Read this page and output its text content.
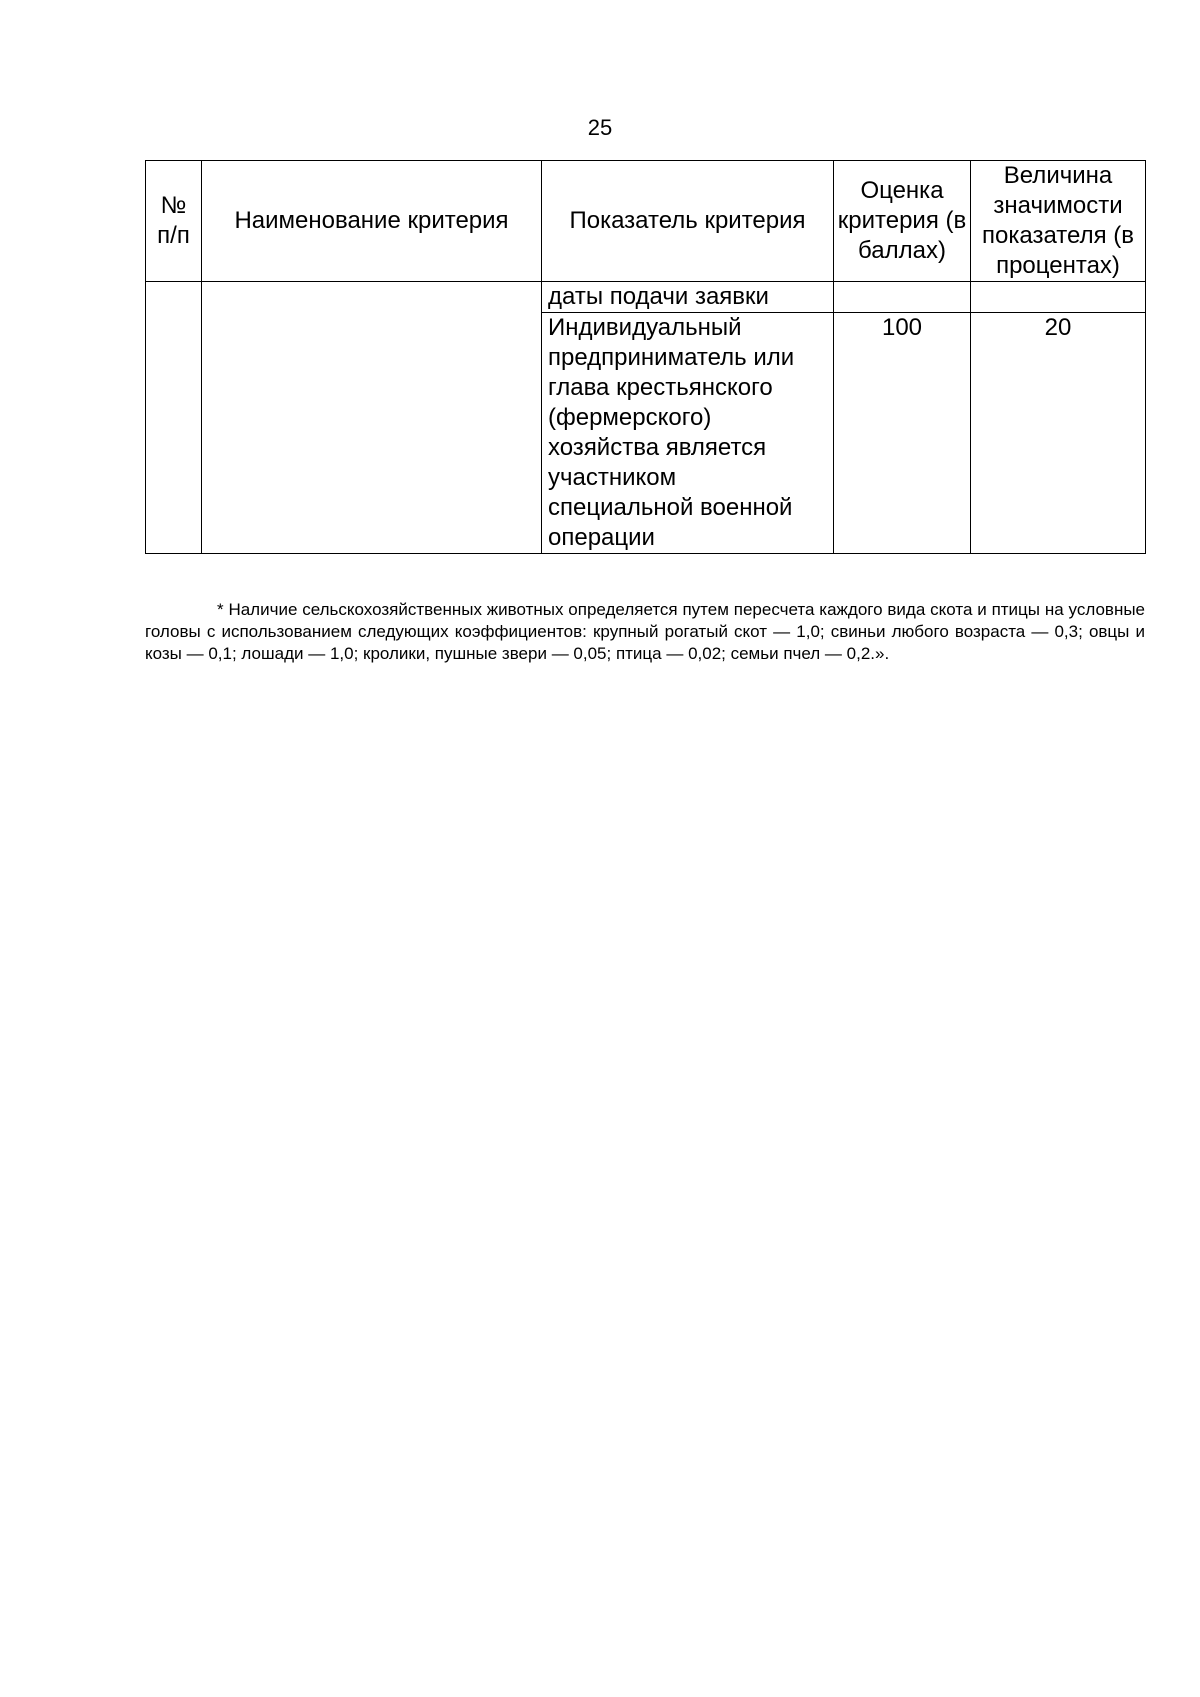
25
№ п/п	Наименование критерия	Показатель критерия	Оценка критерия (в баллах)	Величина значимости показателя (в процентах)
		даты подачи заявки		
		Индивидуальный предприниматель или глава крестьянского (фермерского) хозяйства является участником специальной военной операции	100	20

* Наличие сельскохозяйственных животных определяется путем пересчета каждого вида скота и птицы на условные головы с использованием следующих коэффициентов: крупный рогатый скот — 1,0; свиньи любого возраста — 0,3; овцы и козы — 0,1; лошади — 1,0; кролики, пушные звери — 0,05; птица — 0,02; семьи пчел — 0,2.».
